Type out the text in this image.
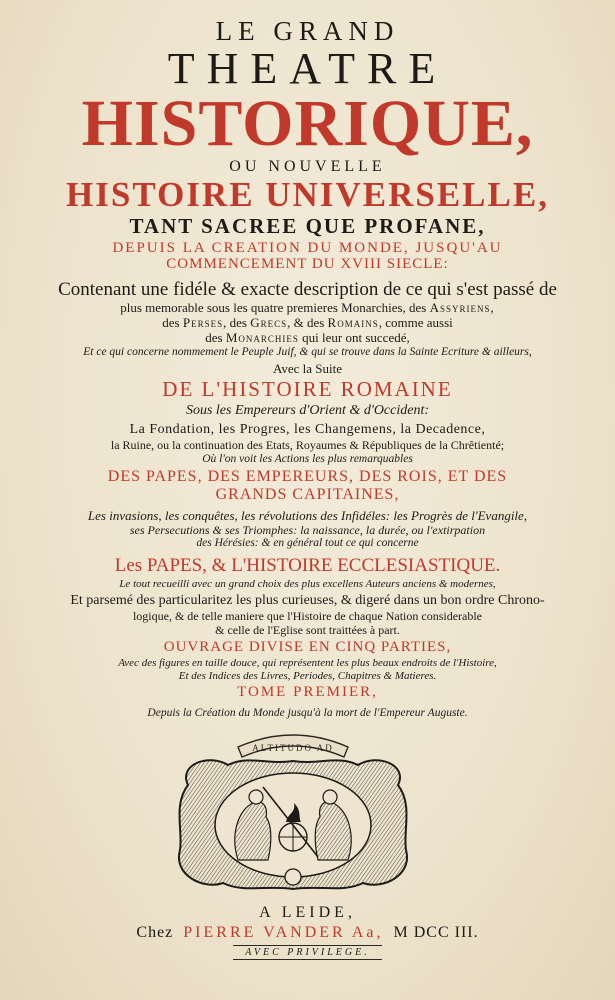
LE GRAND

THEATRE

HISTORIQUE,

OU NOUVELLE

HISTOIRE UNIVERSELLE,

TANT SACREE QUE PROFANE,

DEPUIS LA CREATION DU MONDE, JUSQU'AU

COMMENCEMENT DU XVIII SIECLE:

Contenant une fidéle & exacte description de ce qui s'est passé de

plus memorable sous les quatre premieres Monarchies, des Assyriens,

des Perses, des Grecs, & des Romains, comme aussi

des Monarchies qui leur ont succedé,

Et ce qui concerne nommement le Peuple Juif, & qui se trouve dans la Sainte Ecriture & ailleurs,

Avec la Suite

DE L'HISTOIRE ROMAINE

Sous les Empereurs d'Orient & d'Occident:

La Fondation, les Progres, les Changemens, la Decadence,

la Ruine, ou la continuation des Etats, Royaumes & Républiques de la Chrêtienté;

Où l'on voit les Actions les plus remarquables

DES PAPES, DES EMPEREURS, DES ROIS, ET DES

GRANDS CAPITAINES,

Les invasions, les conquêtes, les révolutions des Infidéles: les Progrès de l'Evangile,

ses Persecutions & ses Triomphes: la naissance, la durée, ou l'extirpation

des Hérésies: & en général tout ce qui concerne

Les PAPES, & L'HISTOIRE ECCLESIASTIQUE.

Le tout recueilli avec un grand choix des plus excellens Auteurs anciens & modernes,

Et parsemé des particularitez les plus curieuses, & digeré dans un bon ordre Chrono-

logique, & de telle maniere que l'Histoire de chaque Nation considerable

& celle de l'Eglise sont traittées à part.

OUVRAGE DIVISE EN CINQ PARTIES,

Avec des figures en taille douce, qui représentent les plus beaux endroits de l'Histoire,

Et des Indices des Livres, Periodes, Chapitres & Matieres.

TOME PREMIER,

Depuis la Création du Monde jusqu'à la mort de l'Empereur Auguste.

ALTITUDO AD

A LEIDE,

Chez PIERRE VANDER Aa, M DCC III.

AVEC PRIVILEGE.
